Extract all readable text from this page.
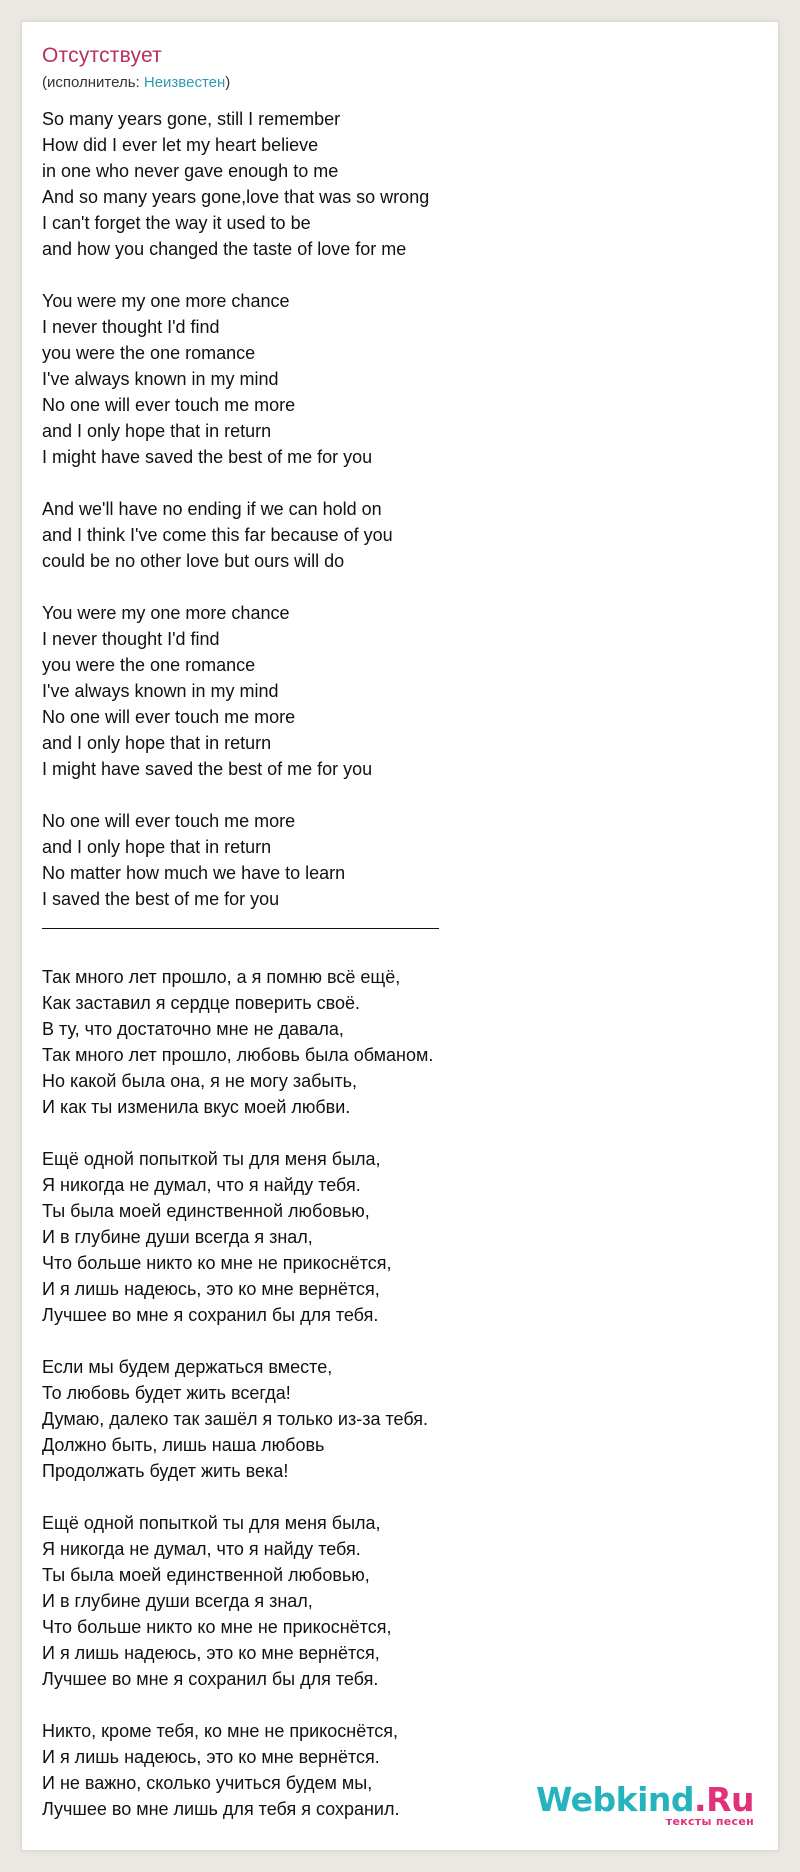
Отсутствует
(исполнитель: Неизвестен)
So many years gone, still I remember
How did I ever let my heart believe
in one who never gave enough to me
And so many years gone,love that was so wrong
I can't forget the way it used to be
and how you changed the taste of love for me
You were my one more chance
I never thought I'd find
you were the one romance
I've always known in my mind
No one will ever touch me more
and I only hope that in return
I might have saved the best of me for you
And we'll have no ending if we can hold on
and I think I've come this far because of you
could be no other love but ours will do
You were my one more chance
I never thought I'd find
you were the one romance
I've always known in my mind
No one will ever touch me more
and I only hope that in return
I might have saved the best of me for you
No one will ever touch me more
and I only hope that in return
No matter how much we have to learn
I saved the best of me for you
Так много лет прошло, а я помню всё ещё,
Как заставил я сердце поверить своё.
В ту, что достаточно мне не давала,
Так много лет прошло, любовь была обманом.
Но какой была она, я не могу забыть,
И как ты изменила вкус моей любви.
Ещё одной попыткой ты для меня была,
Я никогда не думал, что я найду тебя.
Ты была моей единственной любовью,
И в глубине души всегда я знал,
Что больше никто ко мне не прикоснётся,
И я лишь надеюсь, это ко мне вернётся,
Лучшее во мне я сохранил бы для тебя.
Если мы будем держаться вместе,
То любовь будет жить всегда!
Думаю, далеко так зашёл я только из-за тебя.
Должно быть, лишь наша любовь
Продолжать будет жить века!
Ещё одной попыткой ты для меня была,
Я никогда не думал, что я найду тебя.
Ты была моей единственной любовью,
И в глубине души всегда я знал,
Что больше никто ко мне не прикоснётся,
И я лишь надеюсь, это ко мне вернётся,
Лучшее во мне я сохранил бы для тебя.
Никто, кроме тебя, ко мне не прикоснётся,
И я лишь надеюсь, это ко мне вернётся.
И не важно, сколько учиться будем мы,
Лучшее во мне лишь для тебя я сохранил.	Webkind.Ru
тексты песен
